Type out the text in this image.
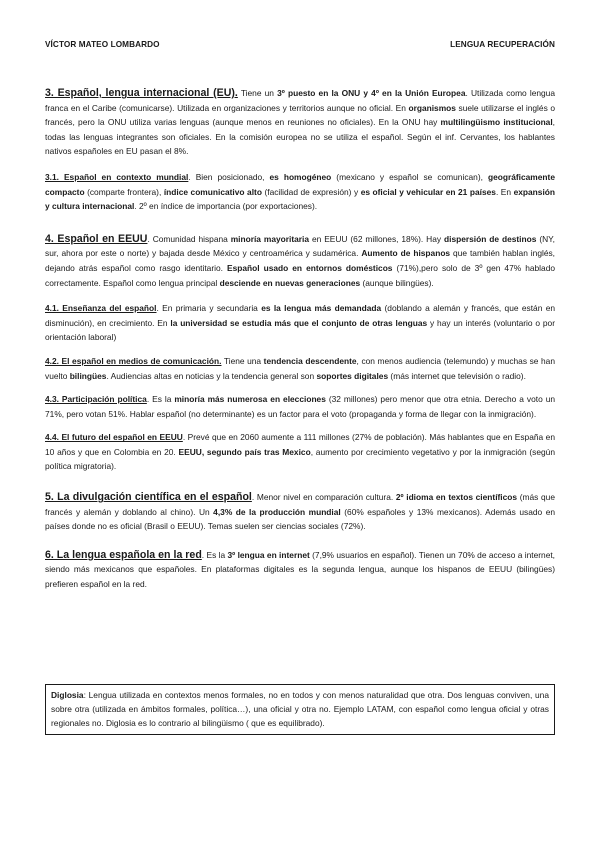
VÍCTOR MATEO LOMBARDO	LENGUA RECUPERACIÓN

3. Español, lengua internacional (EU). Tiene un 3º puesto en la ONU y 4º en la Unión Europea. Utilizada como lengua franca en el Caribe (comunicarse). Utilizada en organizaciones y territorios aunque no oficial. En organismos suele utilizarse el inglés o francés, pero la ONU utiliza varias lenguas (aunque menos en reuniones no oficiales). En la ONU hay multilingüismo institucional, todas las lenguas integrantes son oficiales. En la comisión europea no se utiliza el español. Según el inf. Cervantes, los hablantes nativos españoles en EU pasan el 8%.

3.1. Español en contexto mundial. Bien posicionado, es homogéneo (mexicano y español se comunican), geográficamente compacto (comparte frontera), índice comunicativo alto (facilidad de expresión) y es oficial y vehicular en 21 países. En expansión y cultura internacional. 2º en índice de importancia (por exportaciones).

4. Español en EEUU. Comunidad hispana minoría mayoritaria en EEUU (62 millones, 18%). Hay dispersión de destinos (NY, sur, ahora por este o norte) y bajada desde México y centroamérica y sudamérica. Aumento de hispanos que también hablan inglés, dejando atrás español como rasgo identitario. Español usado en entornos domésticos (71%),pero solo de 3º gen 47% hablado correctamente. Español como lengua principal desciende en nuevas generaciones (aunque bilingües).

4.1. Enseñanza del español. En primaria y secundaria es la lengua más demandada (doblando a alemán y francés, que están en disminución), en crecimiento. En la universidad se estudia más que el conjunto de otras lenguas y hay un interés (voluntario o por orientación laboral)

4.2. El español en medios de comunicación. Tiene una tendencia descendente, con menos audiencia (telemundo) y muchas se han vuelto bilingües. Audiencias altas en noticias y la tendencia general son soportes digitales (más internet que televisión o radio).

4.3. Participación política. Es la minoría más numerosa en elecciones (32 millones) pero menor que otra etnia. Derecho a voto un 71%, pero votan 51%. Hablar español (no determinante) es un factor para el voto (propaganda y forma de llegar con la inmigración).

4.4. El futuro del español en EEUU. Prevé que en 2060 aumente a 111 millones (27% de población). Más hablantes que en España en 10 años y que en Colombia en 20. EEUU, segundo país tras Mexico, aumento por crecimiento vegetativo y por la inmigración (según política migratoria).

5. La divulgación científica en el español. Menor nivel en comparación cultura. 2º idioma en textos científicos (más que francés y alemán y doblando al chino). Un 4,3% de la producción mundial (60% españoles y 13% mexicanos). Además usado en países donde no es oficial (Brasil o EEUU). Temas suelen ser ciencias sociales (72%).

6. La lengua española en la red. Es la 3º lengua en internet (7,9% usuarios en español). Tienen un 70% de acceso a internet, siendo más mexicanos que españoles. En plataformas digitales es la segunda lengua, aunque los hispanos de EEUU (bilingües) prefieren español en la red.

Diglosia: Lengua utilizada en contextos menos formales, no en todos y con menos naturalidad que otra. Dos lenguas conviven, una sobre otra (utilizada en ámbitos formales, política…), una oficial y otra no. Ejemplo LATAM, con español como lengua oficial y otras regionales no. Diglosia es lo contrario al bilingüismo ( que es equilibrado).
